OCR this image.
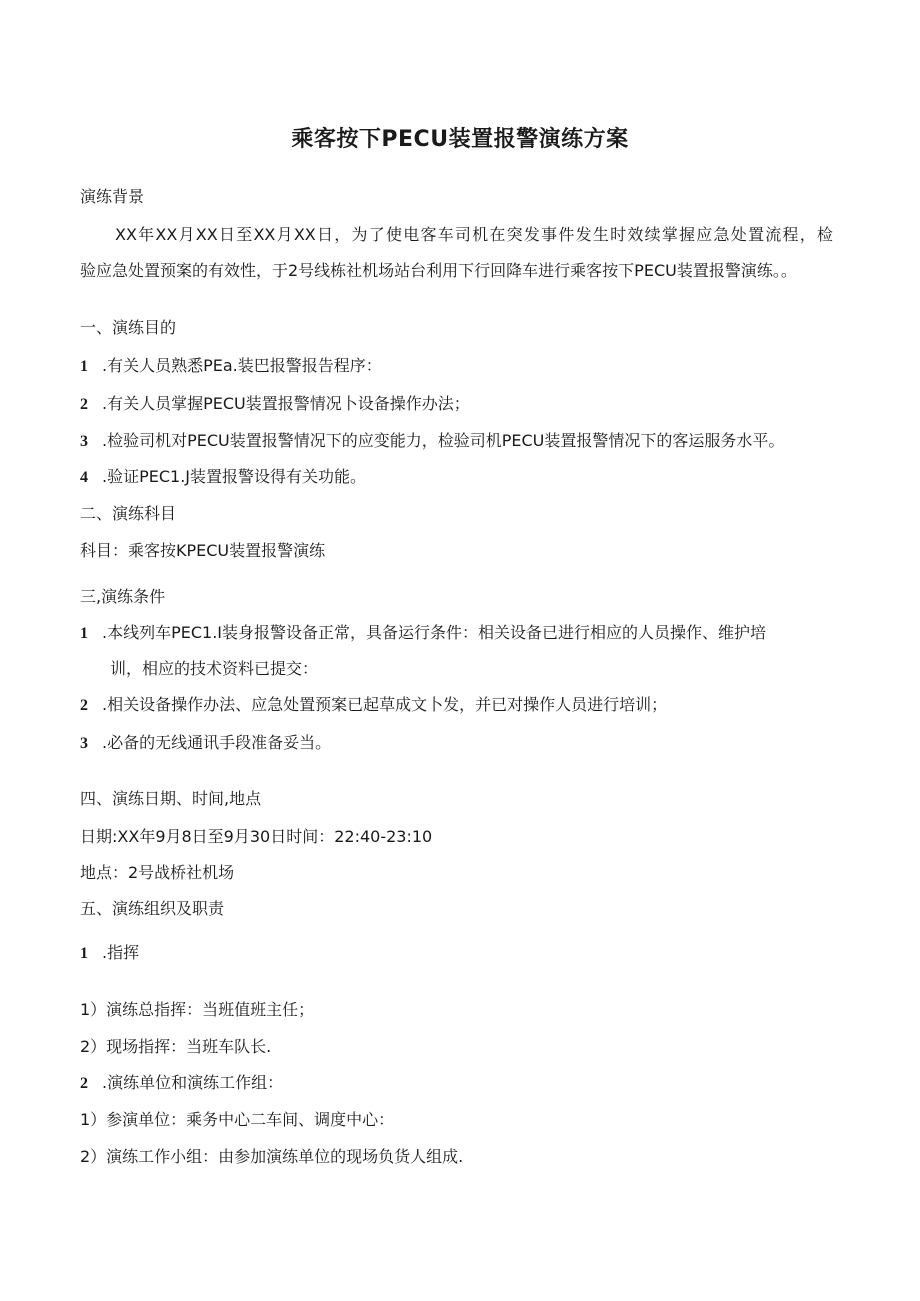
乘客按下PECU装置报警演练方案
演练背景
XX年XX月XX日至XX月XX日，为了使电客车司机在突发事件发生时效续掌握应急处置流程，检
验应急处置预案的有效性，于2号线栋社机场站台利用下行回降车进行乘客按下PECU装置报警演练。。
一、演练目的
1 .有关人员熟悉PEa.装巴报警报告程序：
2 .有关人员掌握PECU装置报警情况卜设备操作办法；
3 .检验司机对PECU装置报警情况下的应变能力，检验司机PECU装置报警情况下的客运服务水平。
4 .验证PEC1.J装置报警设得有关功能。
二、演练科目
科目：乘客按KPECU装置报警演练
三,演练条件
1 .本线列车PEC1.I装身报警设备正常，具备运行条件：相关设备已进行相应的人员操作、维护培
训，相应的技术资料已提交：
2 .相关设备操作办法、应急处置预案已起草成文卜发，并已对操作人员进行培训；
3 .必备的无线通讯手段准备妥当。
四、演练日期、时间,地点
日期:XX年9月8日至9月30日时间：22:40-23:10
地点：2号战桥社机场
五、演练组织及职责
1 .指挥
1）演练总指挥：当班值班主任；
2）现场指挥：当班车队长.
2 .演练单位和演练工作组：
1）参演单位：乘务中心二车间、调度中心：
2）演练工作小组：由参加演练单位的现场负货人组成.
